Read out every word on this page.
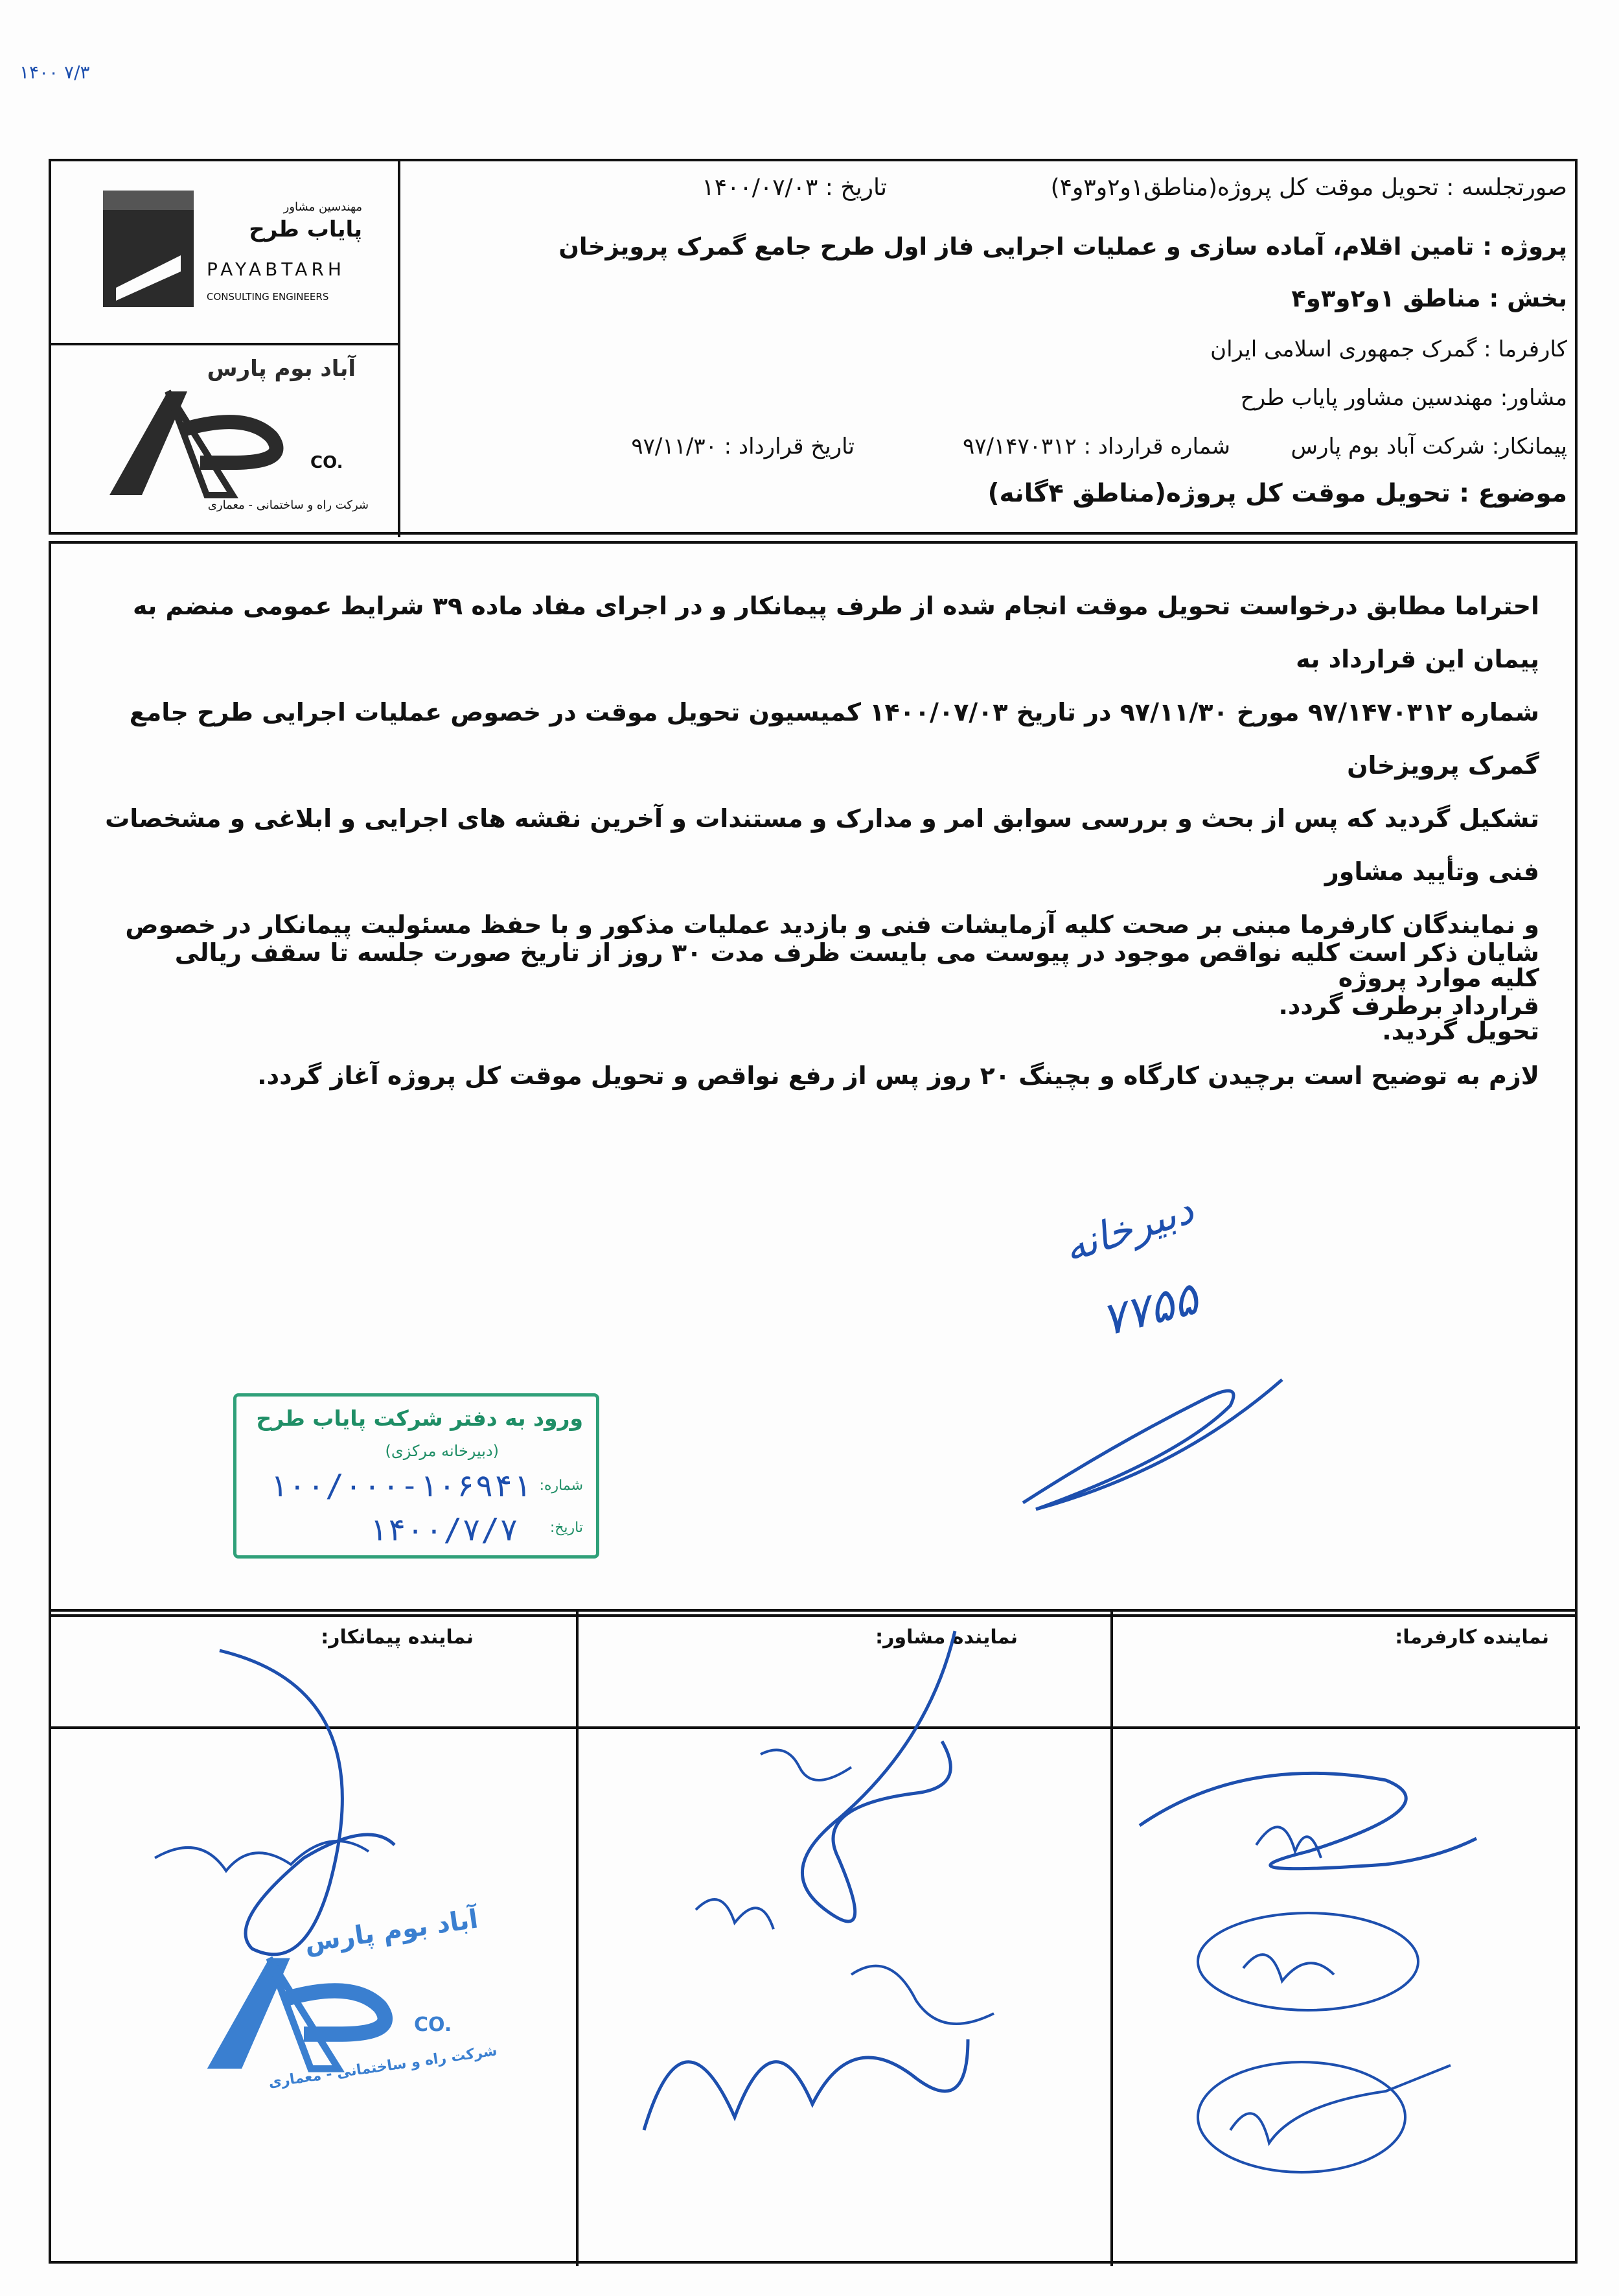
۱۴۰۰ ۷/۳
مهندسین مشاور
پایاب طرح
PAYABTARH
CONSULTING ENGINEERS
آباد بوم پارس
CO.
شرکت راه و ساختمانی - معماری
صورتجلسه : تحویل موقت کل پروژه(مناطق۱و۲و۳و۴)
تاریخ : ۱۴۰۰/۰۷/۰۳
پروژه : تامین اقلام، آماده سازی و عملیات اجرایی فاز اول طرح جامع گمرک پرویزخان
بخش : مناطق ۱و۲و۳و۴
کارفرما : گمرک جمهوری اسلامی ایران
مشاور: مهندسین مشاور پایاب طرح
پیمانکار: شرکت آباد بوم پارس
شماره قرارداد : ۹۷/۱۴۷۰۳۱۲
تاریخ قرارداد : ۹۷/۱۱/۳۰
موضوع : تحویل موقت کل پروژه(مناطق ۴گانه)
احتراما مطابق درخواست تحویل موقت انجام شده از طرف پیمانکار و در اجرای مفاد ماده ۳۹ شرایط عمومی منضم به پیمان این قرارداد به
شماره ۹۷/۱۴۷۰۳۱۲ مورخ ۹۷/۱۱/۳۰ در تاریخ ۱۴۰۰/۰۷/۰۳ کمیسیون تحویل موقت در خصوص عملیات اجرایی طرح جامع گمرک پرویزخان
تشکیل گردید که پس از بحث و بررسی سوابق امر و مدارک و مستندات و آخرین نقشه های اجرایی و ابلاغی و مشخصات فنی وتأیید مشاور
و نمایندگان کارفرما مبنی بر صحت کلیه آزمایشات فنی و بازدید عملیات مذکور و با حفظ مسئولیت پیمانکار در خصوص کلیه موارد پروژه
تحویل گردید.
شایان ذکر است کلیه نواقص موجود در پیوست می بایست ظرف مدت ۳۰ روز از تاریخ صورت جلسه تا سقف ریالی قرارداد برطرف گردد.
لازم به توضیح است برچیدن کارگاه و بچینگ ۲۰ روز پس از رفع نواقص و تحویل موقت کل پروژه آغاز گردد.
دبیرخانه
۷۷۵۵
ورود به دفتر شرکت پایاب طرح
(دبیرخانه مرکزی)
شماره:
۱۰۰/۰۰۰-۱۰۶۹۴۱
تاریخ:
۱۴۰۰/۷/۷
نماینده کارفرما:
نماینده مشاور:
نماینده پیمانکار:
آباد بوم پارس
CO.
شرکت راه و ساختمانی - معماری
